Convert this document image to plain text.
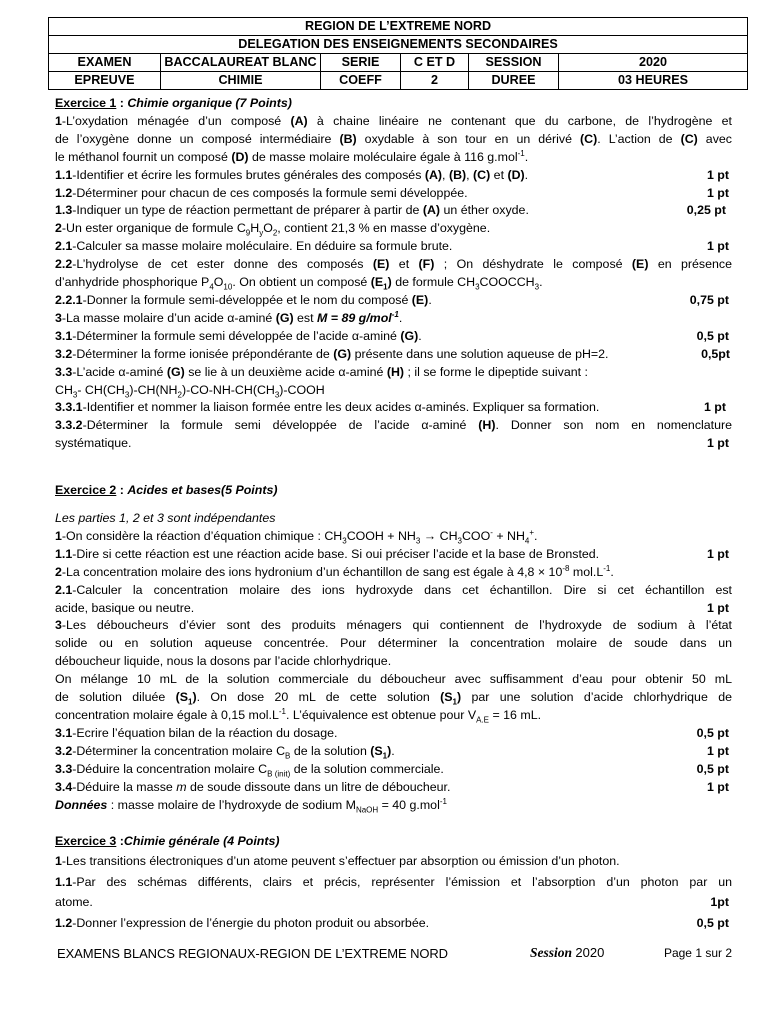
REGION DE L’EXTREME NORD					
DELEGATION DES ENSEIGNEMENTS SECONDAIRES					
EXAMEN	BACCALAUREAT BLANC	SERIE	C ET D	SESSION	2020
EPREUVE	CHIMIE	COEFF	2	DUREE	03 HEURES
Exercice 1 : Chimie organique (7 Points)
1-L’oxydation ménagée d’un composé (A) à chaine linéaire ne contenant que du carbone, de l’hydrogène et
de l’oxygène donne un composé intermédiaire (B) oxydable à son tour en un dérivé (C). L’action de (C) avec
le méthanol fournit un composé (D) de masse molaire moléculaire égale à 116 g.mol$^{-1}$.
1.1-Identifier et écrire les formules brutes générales des composés (A), (B), (C) et (D).	1 pt
1.2-Déterminer pour chacun de ces composés la formule semi développée.	1 pt
1.3-Indiquer un type de réaction permettant de préparer à partir de (A) un éther oxyde.	0,25 pt
2-Un ester organique de formule $C_9H_yO_2$, contient 21,3 % en masse d’oxygène.
2.1-Calculer sa masse molaire moléculaire. En déduire sa formule brute.	1 pt
2.2-L’hydrolyse de cet ester donne des composés (E) et (F) ; On déshydrate le composé (E) en présence
d’anhydride phosphorique $P_4O_{10}$. On obtient un composé $(E_1)$ de formule $CH_3COOCCH_3$.
2.2.1-Donner la formule semi-développée et le nom du composé (E).	0,75 pt
3-La masse molaire d’un acide α-aminé (G) est M = 89 g/mol$^{-1}$.
3.1-Déterminer la formule semi développée de l’acide α-aminé (G).	0,5 pt
3.2-Déterminer la forme ionisée prépondérante de (G) présente dans une solution aqueuse de pH=2.	0,5pt
3.3-L’acide α-aminé (G) se lie à un deuxième acide α-aminé (H) ; il se forme le dipeptide suivant :
$CH_3-$ $CH(CH_3)-CH(NH_2)-CO-NH-CH(CH_3)$-COOH
3.3.1-Identifier et nommer la liaison formée entre les deux acides α-aminés. Expliquer sa formation.	1 pt
3.3.2-Déterminer la formule semi développée de l’acide α-aminé (H). Donner son nom en nomenclature
systématique.	1 pt
Exercice 2 : Acides et bases(5 Points)
Les parties 1, 2 et 3 sont indépendantes
1-On considère la réaction d’équation chimique : $CH_3COOH + NH_3 \to CH_3COO^- + NH_4^+$.
1.1-Dire si cette réaction est une réaction acide base. Si oui préciser l’acide et la base de Bronsted.	1 pt
2-La concentration molaire des ions hydronium d’un échantillon de sang est égale à $4,8 \times 10^{-8}$ $mol.L^{-1}$.
2.1-Calculer la concentration molaire des ions hydroxyde dans cet échantillon. Dire si cet échantillon est
acide, basique ou neutre.	1 pt
3-Les déboucheurs d’évier sont des produits ménagers qui contiennent de l’hydroxyde de sodium à l’état
solide ou en solution aqueuse concentrée. Pour déterminer la concentration molaire de soude dans un
déboucheur liquide, nous la dosons par l’acide chlorhydrique.
On mélange 10 mL de la solution commerciale du déboucheur avec suffisamment d’eau pour obtenir 50 mL
de solution diluée $(S_1)$. On dose 20 mL de cette solution $(S_1)$ par une solution d’acide chlorhydrique de
concentration molaire égale à 0,15 $mol.L^{-1}$. L’équivalence est obtenue pour $V_{A.E} = 16$ mL.
3.1-Ecrire l’équation bilan de la réaction du dosage.	0,5 pt
3.2-Déterminer la concentration molaire $C_B$ de la solution $(S_1)$.	1 pt
3.3-Déduire la concentration molaire $C_{B (init)}$ de la solution commerciale.	0,5 pt
3.4-Déduire la masse m de soude dissoute dans un litre de déboucheur.	1 pt
Données : masse molaire de l’hydroxyde de sodium $M_{NaOH} = 40$ g.mol$^{-1}$
Exercice 3 :Chimie générale (4 Points)
1-Les transitions électroniques d’un atome peuvent s’effectuer par absorption ou émission d’un photon.
1.1-Par des schémas différents, clairs et précis, représenter l’émission et l’absorption d’un photon par un
atome.	1pt
1.2-Donner l’expression de l’énergie du photon produit ou absorbée.	0,5 pt
EXAMENS BLANCS REGIONAUX-REGION DE L’EXTREME NORD	Session 2020	Page 1 sur 2
